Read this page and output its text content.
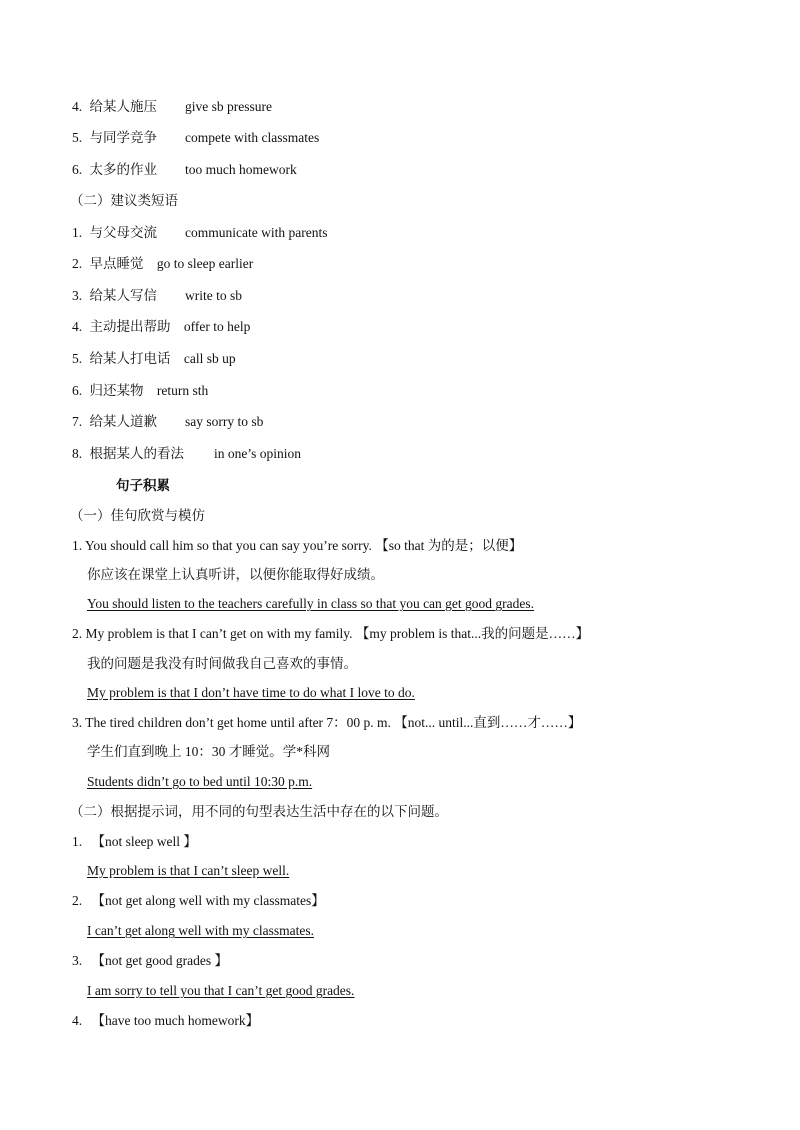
4. 给某人施压 give sb pressure
5. 与同学竞争 compete with classmates
6. 太多的作业 too much homework
（二）建议类短语
1. 与父母交流 communicate with parents
2. 早点睡觉 go to sleep earlier
3. 给某人写信 write to sb
4. 主动提出帮助 offer to help
5. 给某人打电话 call sb up
6. 归还某物 return sth
7. 给某人道歉 say sorry to sb
8. 根据某人的看法 in one’s opinion
句子积累
（一）佳句欣赏与模仿
1. You should call him so that you can say you’re sorry. 【so that 为的是；以便】
你应该在课堂上认真听讲，以便你能取得好成绩。
You should listen to the teachers carefully in class so that you can get good grades.
2. My problem is that I can’t get on with my family. 【my problem is that...我的问题是……】
我的问题是我没有时间做我自己喜欢的事情。
My problem is that I don’t have time to do what I love to do.
3. The tired children don’t get home until after 7：00 p. m. 【not... until...直到……才……】
学生们直到晚上 10：30 才睡觉。学*科网
Students didn’t go to bed until 10:30 p.m.
（二）根据提示词，用不同的句型表达生活中存在的以下问题。
1. 【not sleep well 】
My problem is that I can’t sleep well.
2. 【not get along well with my classmates】
I can’t get along well with my classmates.
3. 【not get good grades 】
I am sorry to tell you that I can’t get good grades.
4. 【have too much homework】
